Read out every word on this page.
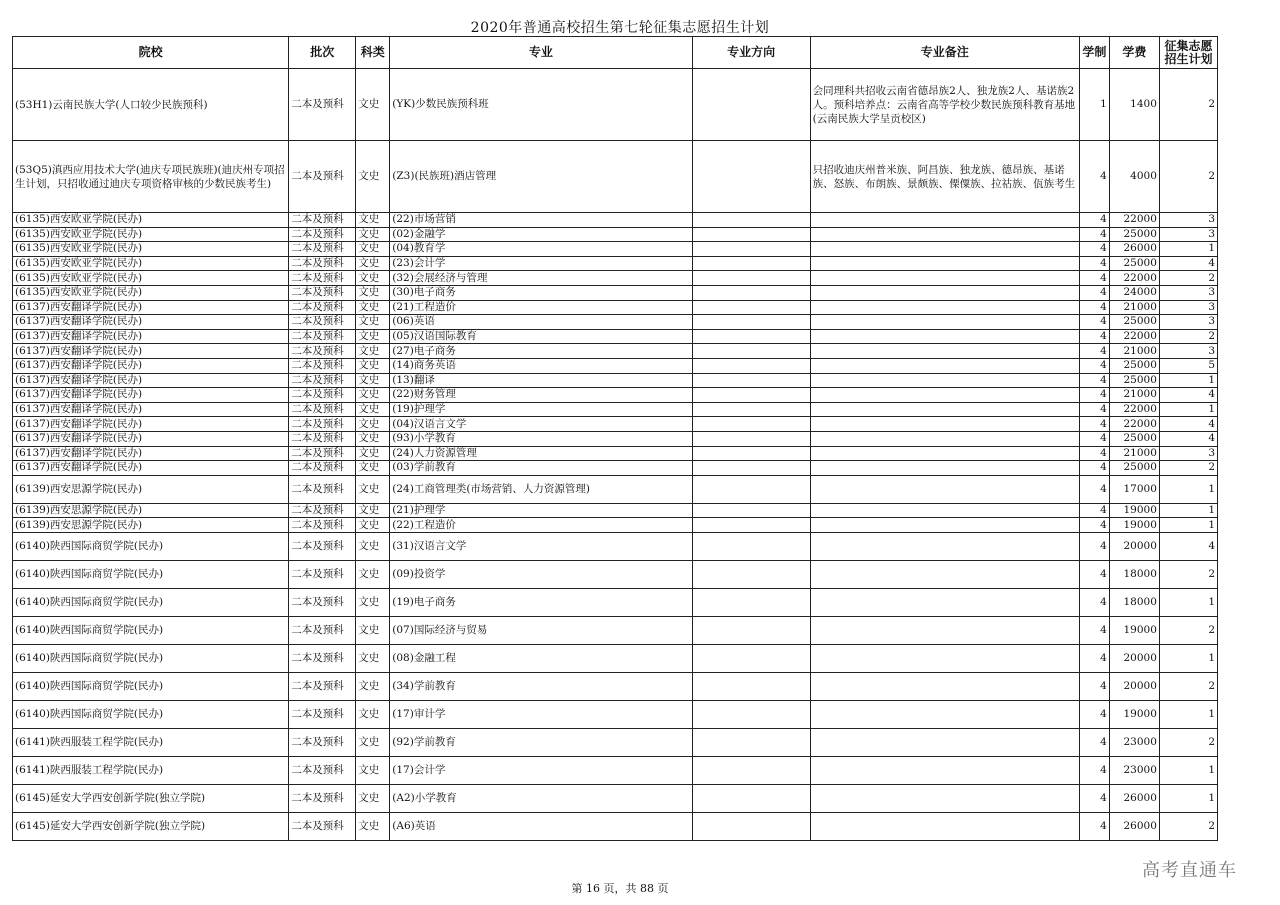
2020年普通高校招生第七轮征集志愿招生计划
院校	批次	科类	专业	专业方向	专业备注	学制	学费	征集志愿招生计划
(53H1)云南民族大学(人口较少民族预科)	二本及预科	文史	(YK)少数民族预科班		会同理科共招收云南省德昂族2人、独龙族2人、基诺族2人。预科培养点：云南省高等学校少数民族预科教育基地(云南民族大学呈贡校区)	1	1400	2
(53Q5)滇西应用技术大学(迪庆专项民族班)(迪庆州专项招生计划，只招收通过迪庆专项资格审核的少数民族考生)	二本及预科	文史	(Z3)(民族班)酒店管理		只招收迪庆州普米族、阿昌族、独龙族、德昂族、基诺族、怒族、布朗族、景颇族、傈僳族、拉祜族、佤族考生	4	4000	2
(6135)西安欧亚学院(民办)	二本及预科	文史	(22)市场营销			4	22000	3
(6135)西安欧亚学院(民办)	二本及预科	文史	(02)金融学			4	25000	3
(6135)西安欧亚学院(民办)	二本及预科	文史	(04)教育学			4	26000	1
(6135)西安欧亚学院(民办)	二本及预科	文史	(23)会计学			4	25000	4
(6135)西安欧亚学院(民办)	二本及预科	文史	(32)会展经济与管理			4	22000	2
(6135)西安欧亚学院(民办)	二本及预科	文史	(30)电子商务			4	24000	3
(6137)西安翻译学院(民办)	二本及预科	文史	(21)工程造价			4	21000	3
(6137)西安翻译学院(民办)	二本及预科	文史	(06)英语			4	25000	3
(6137)西安翻译学院(民办)	二本及预科	文史	(05)汉语国际教育			4	22000	2
(6137)西安翻译学院(民办)	二本及预科	文史	(27)电子商务			4	21000	3
(6137)西安翻译学院(民办)	二本及预科	文史	(14)商务英语			4	25000	5
(6137)西安翻译学院(民办)	二本及预科	文史	(13)翻译			4	25000	1
(6137)西安翻译学院(民办)	二本及预科	文史	(22)财务管理			4	21000	4
(6137)西安翻译学院(民办)	二本及预科	文史	(19)护理学			4	22000	1
(6137)西安翻译学院(民办)	二本及预科	文史	(04)汉语言文学			4	22000	4
(6137)西安翻译学院(民办)	二本及预科	文史	(93)小学教育			4	25000	4
(6137)西安翻译学院(民办)	二本及预科	文史	(24)人力资源管理			4	21000	3
(6137)西安翻译学院(民办)	二本及预科	文史	(03)学前教育			4	25000	2
(6139)西安思源学院(民办)	二本及预科	文史	(24)工商管理类(市场营销、人力资源管理)			4	17000	1
(6139)西安思源学院(民办)	二本及预科	文史	(21)护理学			4	19000	1
(6139)西安思源学院(民办)	二本及预科	文史	(22)工程造价			4	19000	1
(6140)陕西国际商贸学院(民办)	二本及预科	文史	(31)汉语言文学			4	20000	4
(6140)陕西国际商贸学院(民办)	二本及预科	文史	(09)投资学			4	18000	2
(6140)陕西国际商贸学院(民办)	二本及预科	文史	(19)电子商务			4	18000	1
(6140)陕西国际商贸学院(民办)	二本及预科	文史	(07)国际经济与贸易			4	19000	2
(6140)陕西国际商贸学院(民办)	二本及预科	文史	(08)金融工程			4	20000	1
(6140)陕西国际商贸学院(民办)	二本及预科	文史	(34)学前教育			4	20000	2
(6140)陕西国际商贸学院(民办)	二本及预科	文史	(17)审计学			4	19000	1
(6141)陕西服装工程学院(民办)	二本及预科	文史	(92)学前教育			4	23000	2
(6141)陕西服装工程学院(民办)	二本及预科	文史	(17)会计学			4	23000	1
(6145)延安大学西安创新学院(独立学院)	二本及预科	文史	(A2)小学教育			4	26000	1
(6145)延安大学西安创新学院(独立学院)	二本及预科	文史	(A6)英语			4	26000	2
第 16 页，共 88 页
高考直通车
